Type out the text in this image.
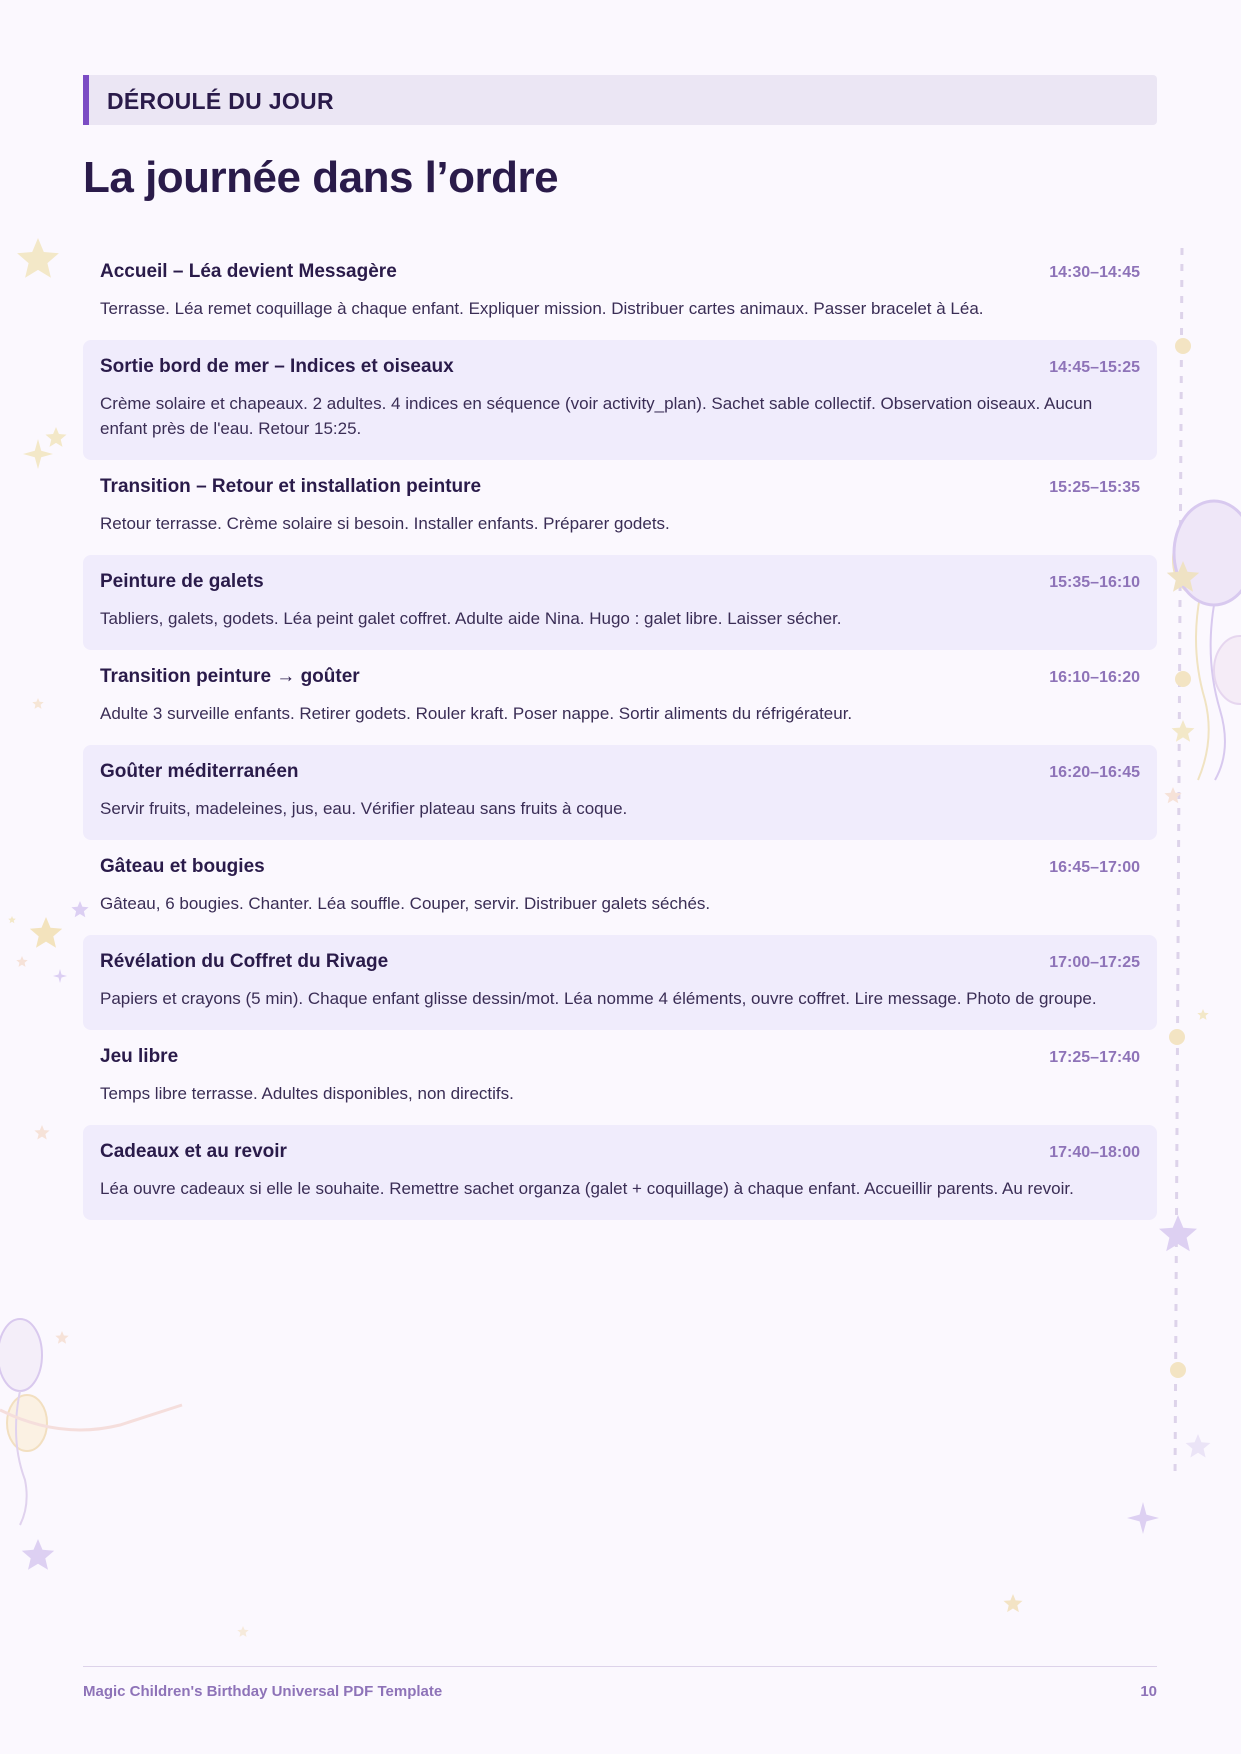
DÉROULÉ DU JOUR
La journée dans l’ordre
Accueil – Léa devient Messagère	14:30–14:45
Terrasse. Léa remet coquillage à chaque enfant. Expliquer mission. Distribuer cartes animaux. Passer bracelet à Léa.
Sortie bord de mer – Indices et oiseaux	14:45–15:25
Crème solaire et chapeaux. 2 adultes. 4 indices en séquence (voir activity_plan). Sachet sable collectif. Observation oiseaux. Aucun enfant près de l'eau. Retour 15:25.
Transition – Retour et installation peinture	15:25–15:35
Retour terrasse. Crème solaire si besoin. Installer enfants. Préparer godets.
Peinture de galets	15:35–16:10
Tabliers, galets, godets. Léa peint galet coffret. Adulte aide Nina. Hugo : galet libre. Laisser sécher.
Transition peinture → goûter	16:10–16:20
Adulte 3 surveille enfants. Retirer godets. Rouler kraft. Poser nappe. Sortir aliments du réfrigérateur.
Goûter méditerranéen	16:20–16:45
Servir fruits, madeleines, jus, eau. Vérifier plateau sans fruits à coque.
Gâteau et bougies	16:45–17:00
Gâteau, 6 bougies. Chanter. Léa souffle. Couper, servir. Distribuer galets séchés.
Révélation du Coffret du Rivage	17:00–17:25
Papiers et crayons (5 min). Chaque enfant glisse dessin/mot. Léa nomme 4 éléments, ouvre coffret. Lire message. Photo de groupe.
Jeu libre	17:25–17:40
Temps libre terrasse. Adultes disponibles, non directifs.
Cadeaux et au revoir	17:40–18:00
Léa ouvre cadeaux si elle le souhaite. Remettre sachet organza (galet + coquillage) à chaque enfant. Accueillir parents. Au revoir.
Magic Children's Birthday Universal PDF Template	10
